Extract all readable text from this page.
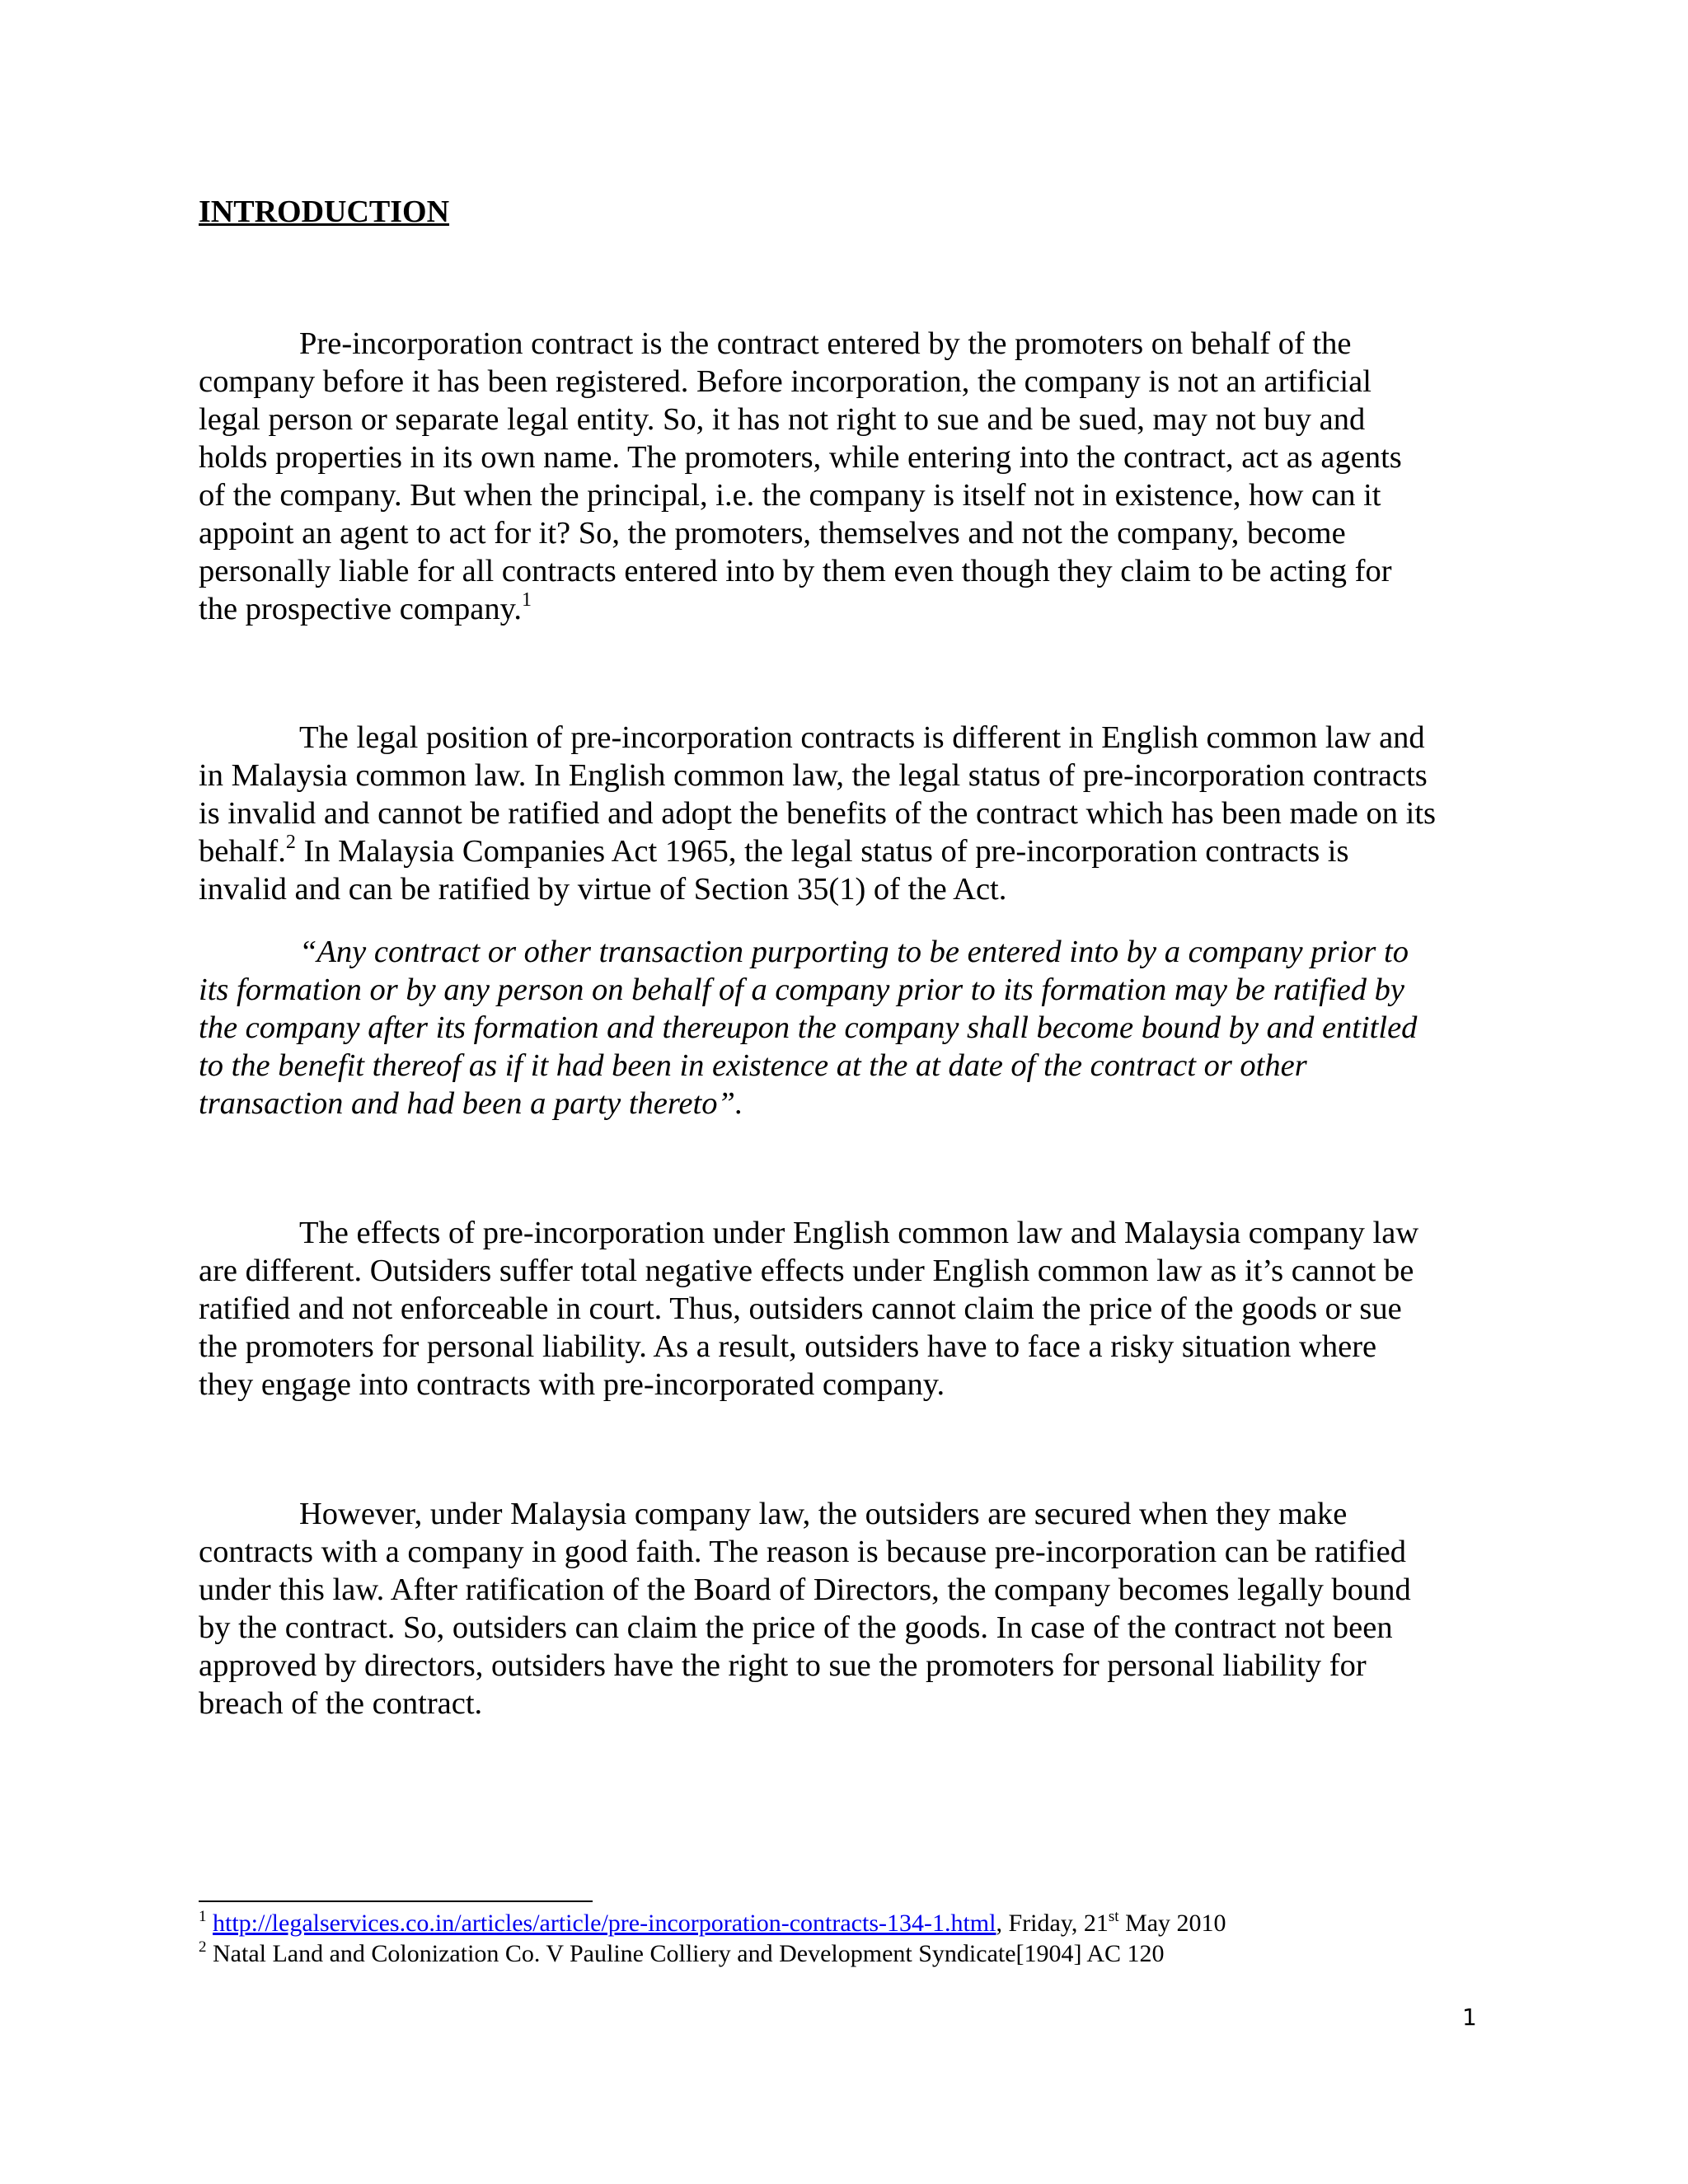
INTRODUCTION

Pre-incorporation contract is the contract entered by the promoters on behalf of the
company before it has been registered. Before incorporation, the company is not an artificial
legal person or separate legal entity. So, it has not right to sue and be sued, may not buy and
holds properties in its own name. The promoters, while entering into the contract, act as agents
of the company. But when the principal, i.e. the company is itself not in existence, how can it
appoint an agent to act for it? So, the promoters, themselves and not the company, become
personally liable for all contracts entered into by them even though they claim to be acting for
the prospective company.$^1$

The legal position of pre-incorporation contracts is different in English common law and
in Malaysia common law. In English common law, the legal status of pre-incorporation contracts
is invalid and cannot be ratified and adopt the benefits of the contract which has been made on its
behalf.$^2$ In Malaysia Companies Act 1965, the legal status of pre-incorporation contracts is
invalid and can be ratified by virtue of Section 35(1) of the Act.

“Any contract or other transaction purporting to be entered into by a company prior to
its formation or by any person on behalf of a company prior to its formation may be ratified by
the company after its formation and thereupon the company shall become bound by and entitled
to the benefit thereof as if it had been in existence at the at date of the contract or other
transaction and had been a party thereto”.

The effects of pre-incorporation under English common law and Malaysia company law
are different. Outsiders suffer total negative effects under English common law as it’s cannot be
ratified and not enforceable in court. Thus, outsiders cannot claim the price of the goods or sue
the promoters for personal liability. As a result, outsiders have to face a risky situation where
they engage into contracts with pre-incorporated company.

However, under Malaysia company law, the outsiders are secured when they make
contracts with a company in good faith. The reason is because pre-incorporation can be ratified
under this law. After ratification of the Board of Directors, the company becomes legally bound
by the contract. So, outsiders can claim the price of the goods. In case of the contract not been
approved by directors, outsiders have the right to sue the promoters for personal liability for
breach of the contract.

$^1$ http://legalservices.co.in/articles/article/pre-incorporation-contracts-134-1.html, Friday, 21st May 2010
$^2$ Natal Land and Colonization Co. V Pauline Colliery and Development Syndicate[1904] AC 120
1
